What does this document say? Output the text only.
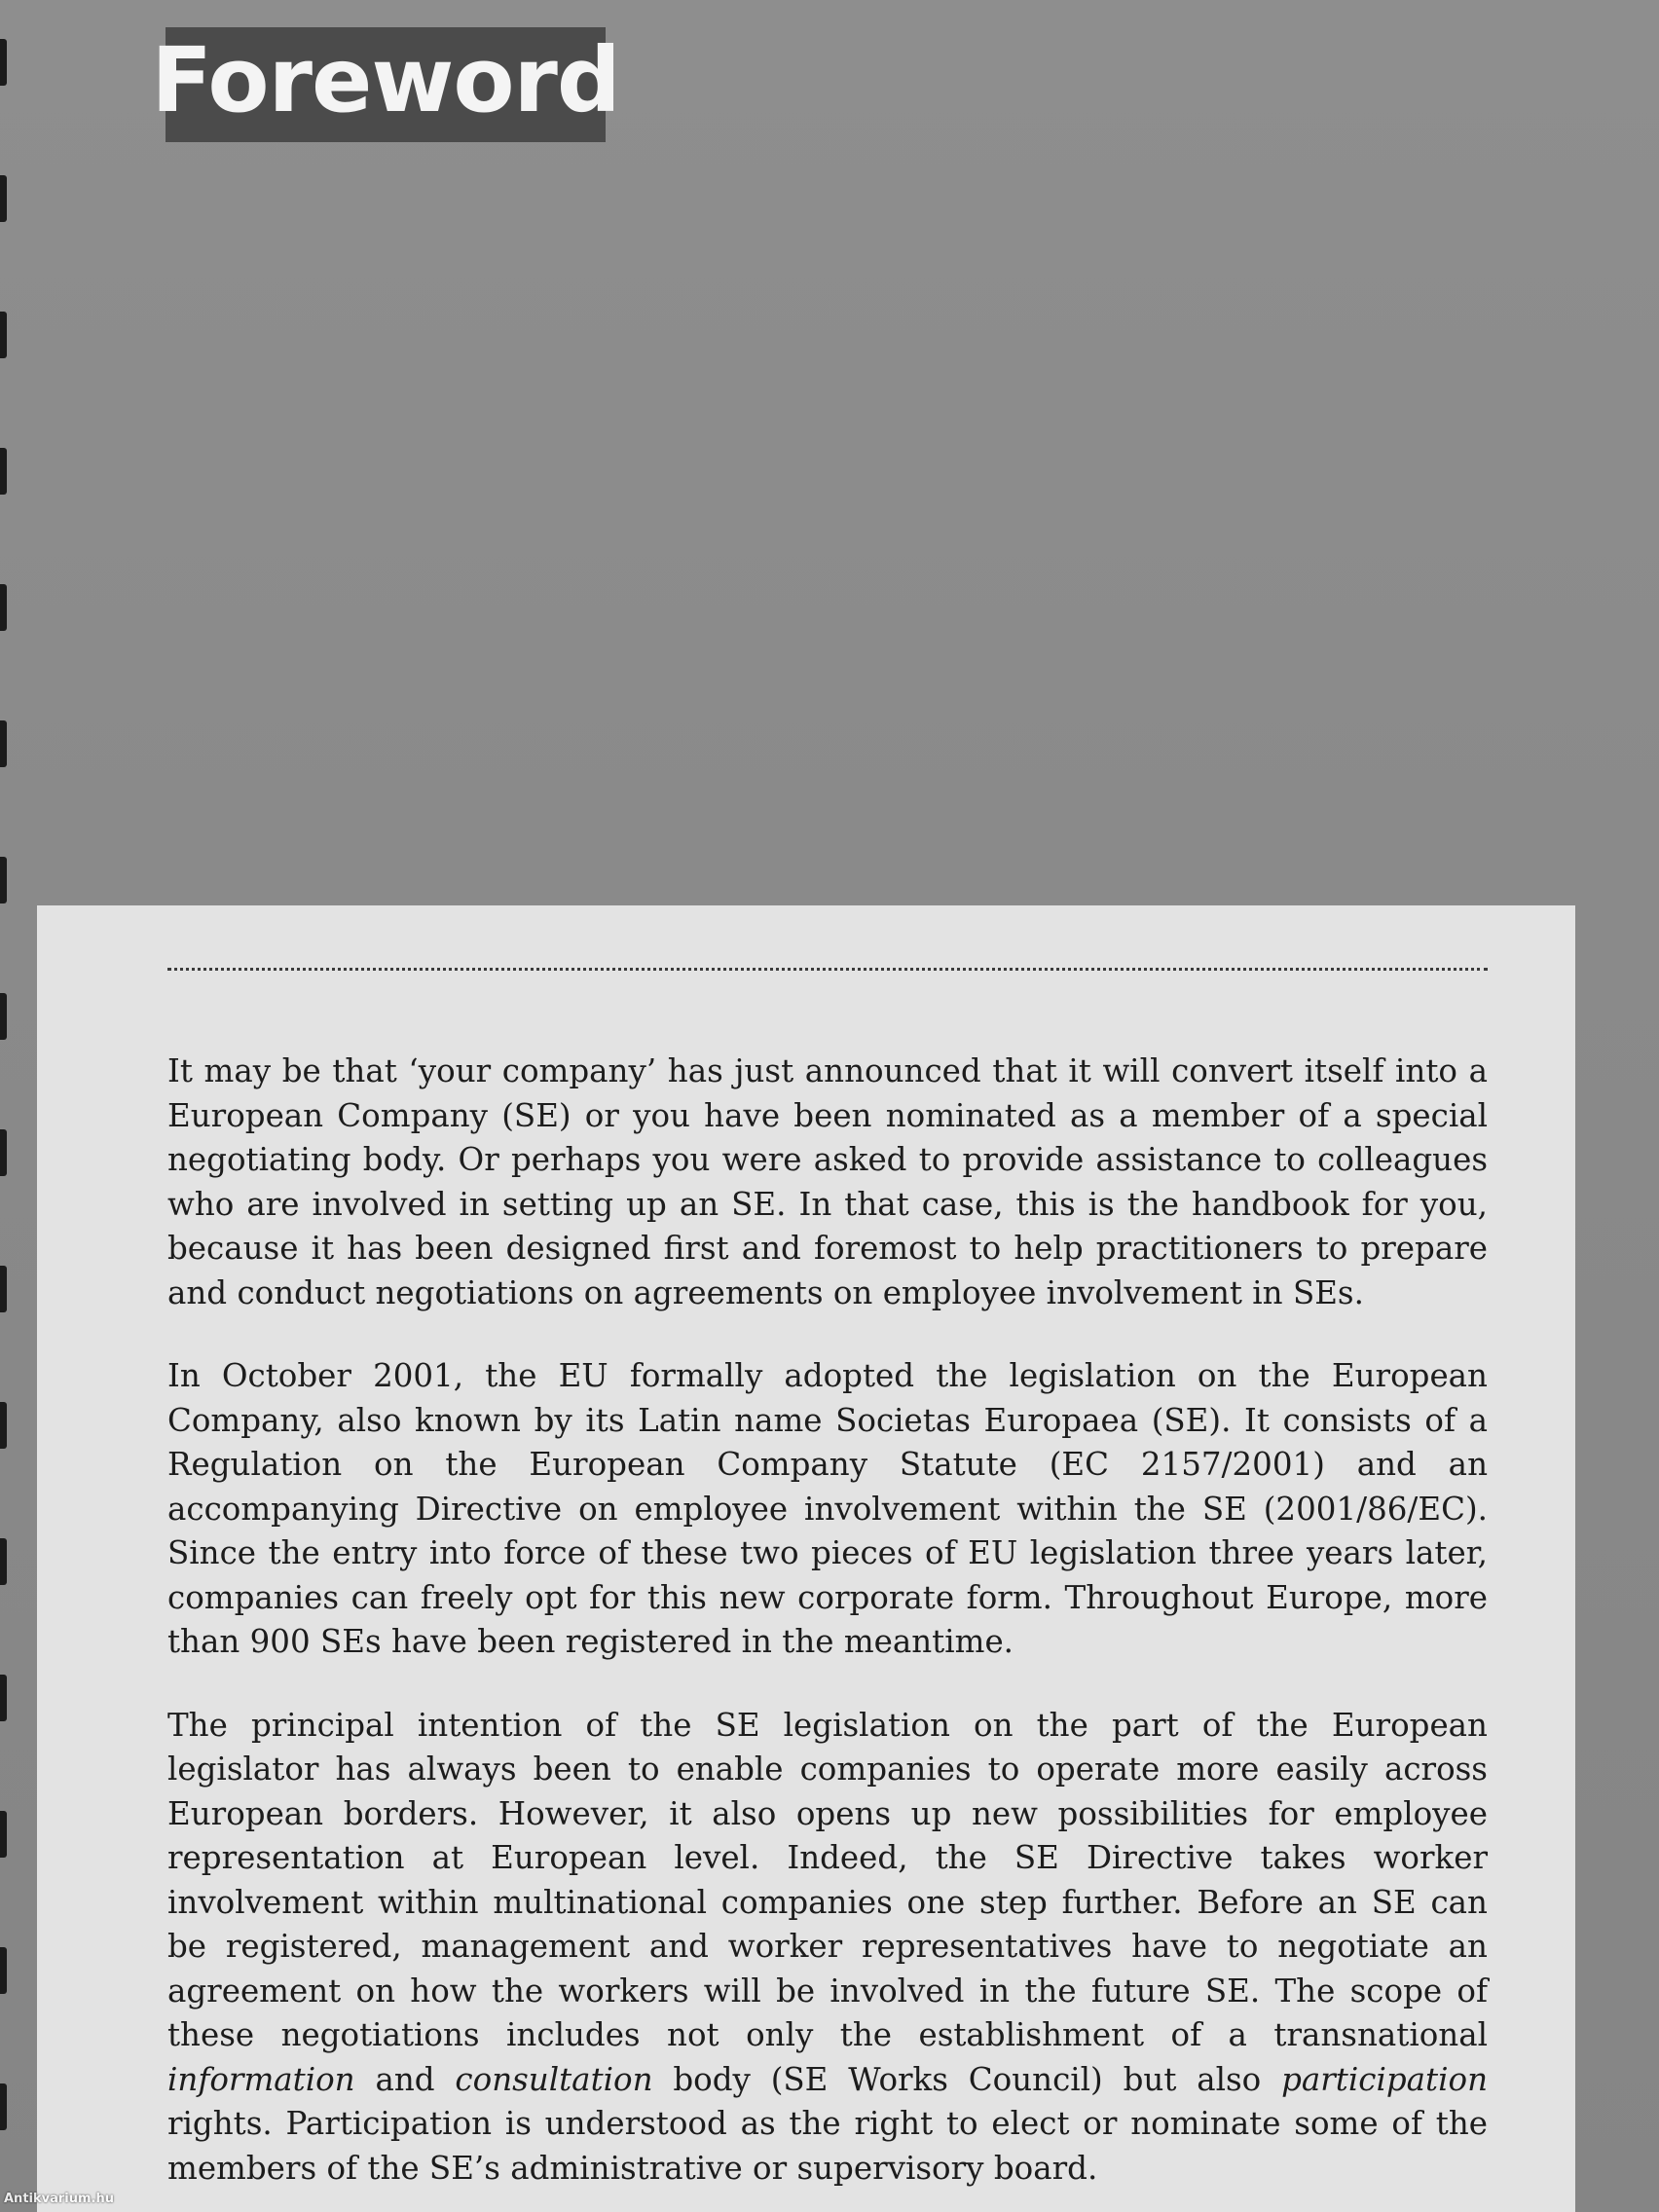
Foreword

It may be that ‘your company’ has just announced that it will convert itself into a European Company (SE) or you have been nominated as a member of a special negotiating body. Or perhaps you were asked to provide assistance to colleagues who are involved in setting up an SE. In that case, this is the handbook for you, because it has been designed first and foremost to help practitioners to prepare and conduct negotiations on agreements on employee involvement in SEs.

In October 2001, the EU formally adopted the legislation on the European Company, also known by its Latin name Societas Europaea (SE). It consists of a Regulation on the European Company Statute (EC 2157/2001) and an accompanying Directive on employee involvement within the SE (2001/86/EC). Since the entry into force of these two pieces of EU legislation three years later, companies can freely opt for this new corporate form. Throughout Europe, more than 900 SEs have been registered in the meantime.

The principal intention of the SE legislation on the part of the European legislator has always been to enable companies to operate more easily across European borders. However, it also opens up new possibilities for employee representation at European level. Indeed, the SE Directive takes worker involvement within multinational companies one step further. Before an SE can be registered, management and worker representatives have to negotiate an agreement on how the workers will be involved in the future SE. The scope of these negotiations includes not only the establishment of a transnational information and consultation body (SE Works Council) but also participation rights. Participation is understood as the right to elect or nominate some of the members of the SE’s administrative or supervisory board.

Antikvarium.hu
